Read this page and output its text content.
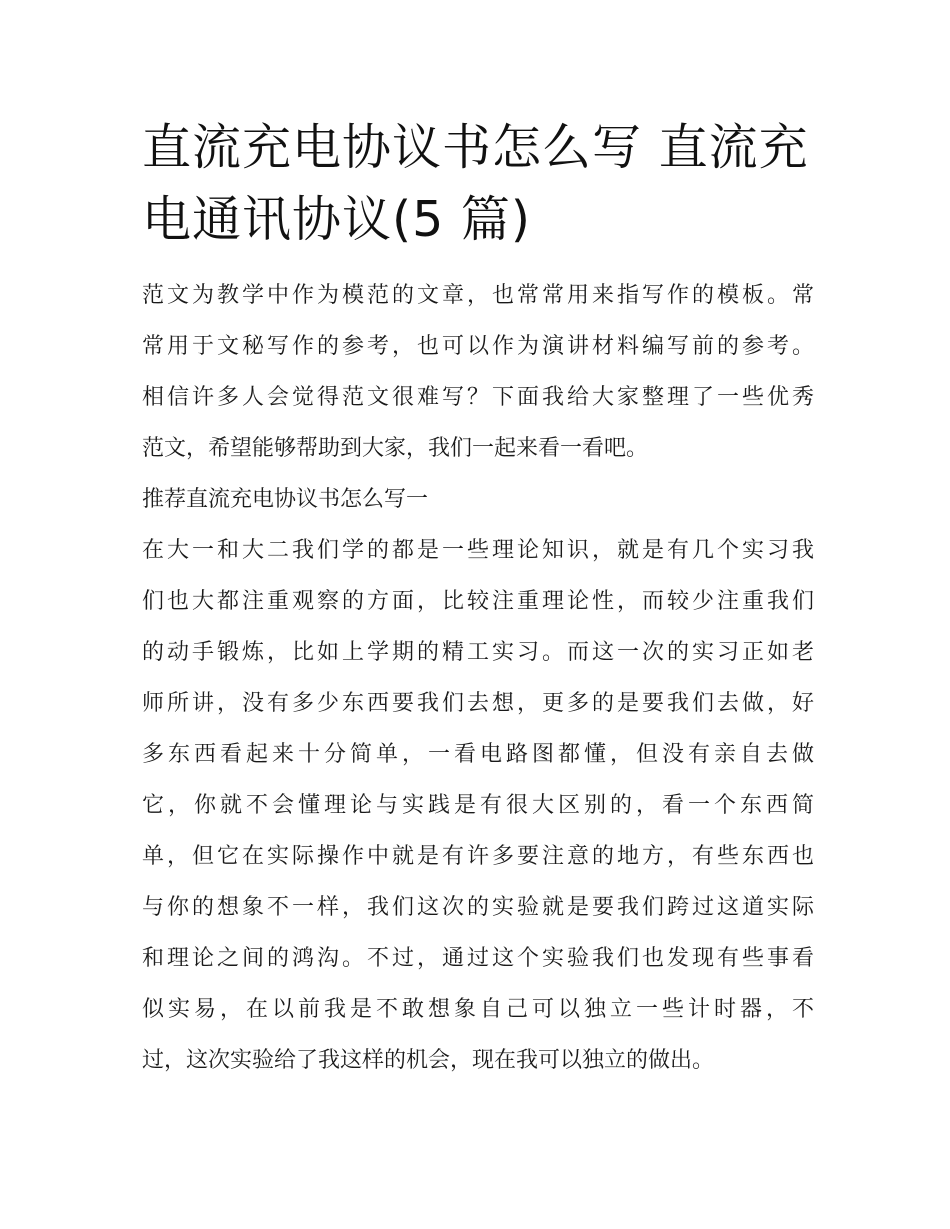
直流充电协议书怎么写 直流充
电通讯协议(5 篇)

范文为教学中作为模范的文章，也常常用来指写作的模板。常
常用于文秘写作的参考，也可以作为演讲材料编写前的参考。
相信许多人会觉得范文很难写？下面我给大家整理了一些优秀
范文，希望能够帮助到大家，我们一起来看一看吧。

推荐直流充电协议书怎么写一

在大一和大二我们学的都是一些理论知识，就是有几个实习我
们也大都注重观察的方面，比较注重理论性，而较少注重我们
的动手锻炼，比如上学期的精工实习。而这一次的实习正如老
师所讲，没有多少东西要我们去想，更多的是要我们去做，好
多东西看起来十分简单，一看电路图都懂，但没有亲自去做
它，你就不会懂理论与实践是有很大区别的，看一个东西简
单，但它在实际操作中就是有许多要注意的地方，有些东西也
与你的想象不一样，我们这次的实验就是要我们跨过这道实际
和理论之间的鸿沟。不过，通过这个实验我们也发现有些事看
似实易，在以前我是不敢想象自己可以独立一些计时器，不
过，这次实验给了我这样的机会，现在我可以独立的做出。
